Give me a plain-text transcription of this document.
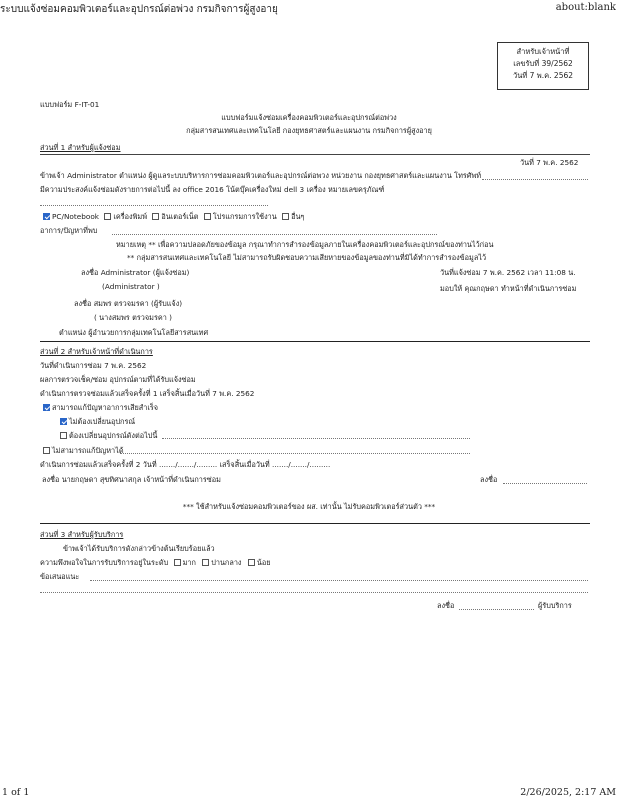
ระบบแจ้งซ่อมคอมพิวเตอร์และอุปกรณ์ต่อพ่วง กรมกิจการผู้สูงอายุ	about:blank
สำหรับเจ้าหน้าที่
เลขรับที่ 39/2562
วันที่ 7 พ.ค. 2562
แบบฟอร์ม F-IT-01
แบบฟอร์มแจ้งซ่อมเครื่องคอมพิวเตอร์และอุปกรณ์ต่อพ่วง
กลุ่มสารสนเทศและเทคโนโลยี กองยุทธศาสตร์และแผนงาน กรมกิจการผู้สูงอายุ
ส่วนที่ 1 สำหรับผู้แจ้งซ่อม
วันที่ 7 พ.ค. 2562
ข้าพเจ้า Administrator ตำแหน่ง ผู้ดูแลระบบบริหารการซ่อมคอมพิวเตอร์และอุปกรณ์ต่อพวง หน่วยงาน กองยุทธศาสตร์และแผนงาน โทรศัพท์
มีความประสงค์แจ้งซ่อมดังรายการต่อไปนี้ ลง office 2016 โน้ตบุ๊คเครื่องใหม่ dell 3 เครื่อง หมายเลขครุภัณฑ์
PC/Notebook เครื่องพิมพ์ อินเตอร์เน็ต โปรแกรมการใช้งาน อื่นๆ
อาการ/ปัญหาที่พบ
หมายเหตุ ** เพื่อความปลอดภัยของข้อมูล กรุณาทำการสำรองข้อมูลภายในเครื่องคอมพิวเตอร์และอุปกรณ์ของท่านไว้ก่อน
** กลุ่มสารสนเทศและเทคโนโลยี ไม่สามารถรับผิดชอบความเสียหายของข้อมูลของท่านที่มิได้ทำการสำรองข้อมูลไว้
ลงชื่อ Administrator (ผู้แจ้งซ่อม)	วันที่แจ้งซ่อม 7 พ.ค. 2562 เวลา 11:08 น.
(Administrator )	มอบให้ คุณกฤษดา ทำหน้าที่ดำเนินการซ่อม
ลงชื่อ สมพร ตรวจมรคา (ผู้รับแจ้ง)
( นางสมพร ตรวจมรคา )
ตำแหน่ง ผู้อำนวยการกลุ่มเทคโนโลยีสารสนเทศ
ส่วนที่ 2 สำหรับเจ้าหน้าที่ดำเนินการ
วันที่ดำเนินการซ่อม 7 พ.ค. 2562
ผลการตรวจเช็ค/ซ่อม อุปกรณ์ตามที่ได้รับแจ้งซ่อม
ดำเนินการตรวจซ่อมแล้วเสร็จครั้งที่ 1 เสร็จสิ้นเมื่อวันที่ 7 พ.ค. 2562
สามารถแก้ปัญหาอาการเสียสำเร็จ
ไม่ต้องเปลี่ยนอุปกรณ์
ต้องเปลี่ยนอุปกรณ์ดังต่อไปนี้
ไม่สามารถแก้ปัญหาได้
ดำเนินการซ่อมแล้วเสร็จครั้งที่ 2 วันที่ ......./......./......... เสร็จสิ้นเมื่อวันที่ ......./......./.........
ลงชื่อ นายกฤษดา สุขทิศนาสกุล เจ้าหน้าที่ดำเนินการซ่อม	ลงชื่อ
*** ใช้สำหรับแจ้งซ่อมคอมพิวเตอร์ของ ผส. เท่านั้น ไม่รับคอมพิวเตอร์ส่วนตัว ***
ส่วนที่ 3 สำหรับผู้รับบริการ
ข้าพเจ้าได้รับบริการดังกล่าวข้างต้นเรียบร้อยแล้ว
ความพึงพอใจในการรับบริการอยู่ในระดับ มาก ปานกลาง น้อย
ข้อเสนอแนะ
ลงชื่อ	ผู้รับบริการ
1 of 1	2/26/2025, 2:17 AM
